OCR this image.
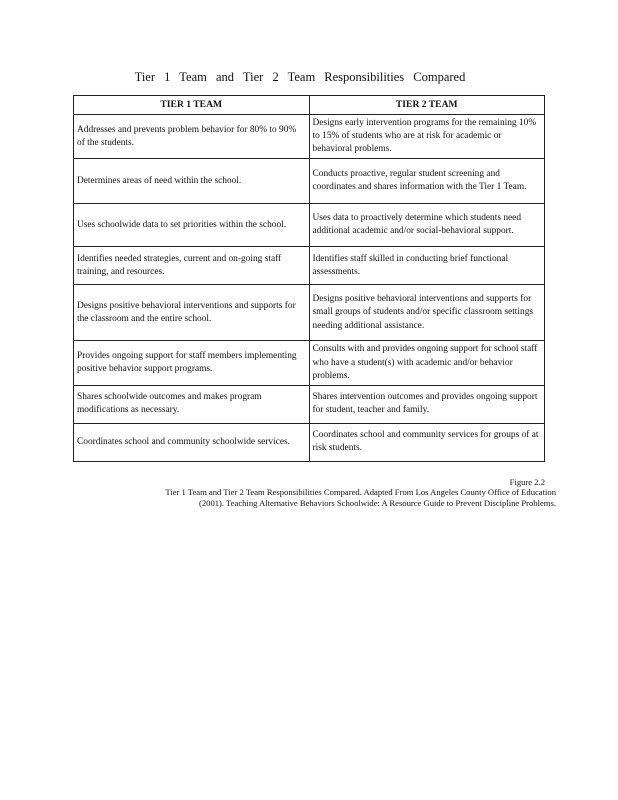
Tier 1 Team and Tier 2 Team Responsibilities Compared
TIER 1 TEAM	TIER 2 TEAM
Addresses and prevents problem behavior for 80% to 90% of the students.	Designs early intervention programs for the remaining 10% to 15% of students who are at risk for academic or behavioral problems.
Determines areas of need within the school.	Conducts proactive, regular student screening and coordinates and shares information with the Tier 1 Team.
Uses schoolwide data to set priorities within the school.	Uses data to proactively determine which students need additional academic and/or social-behavioral support.
Identifies needed strategies, current and on-going staff training, and resources.	Identifies staff skilled in conducting brief functional assessments.
Designs positive behavioral interventions and supports for the classroom and the entire school.	Designs positive behavioral interventions and supports for small groups of students and/or specific classroom settings needing additional assistance.
Provides ongoing support for staff members implementing positive behavior support programs.	Consults with and provides ongoing support for school staff who have a student(s) with academic and/or behavior problems.
Shares schoolwide outcomes and makes program modifications as necessary.	Shares intervention outcomes and provides ongoing support for student, teacher and family.
Coordinates school and community schoolwide services.	Coordinates school and community services for groups of at risk students.
Figure 2.2
Tier 1 Team and Tier 2 Team Responsibilities Compared. Adapted From Los Angeles County Office of Education
(2001). Teaching Alternative Behaviors Schoolwide: A Resource Guide to Prevent Discipline Problems.
